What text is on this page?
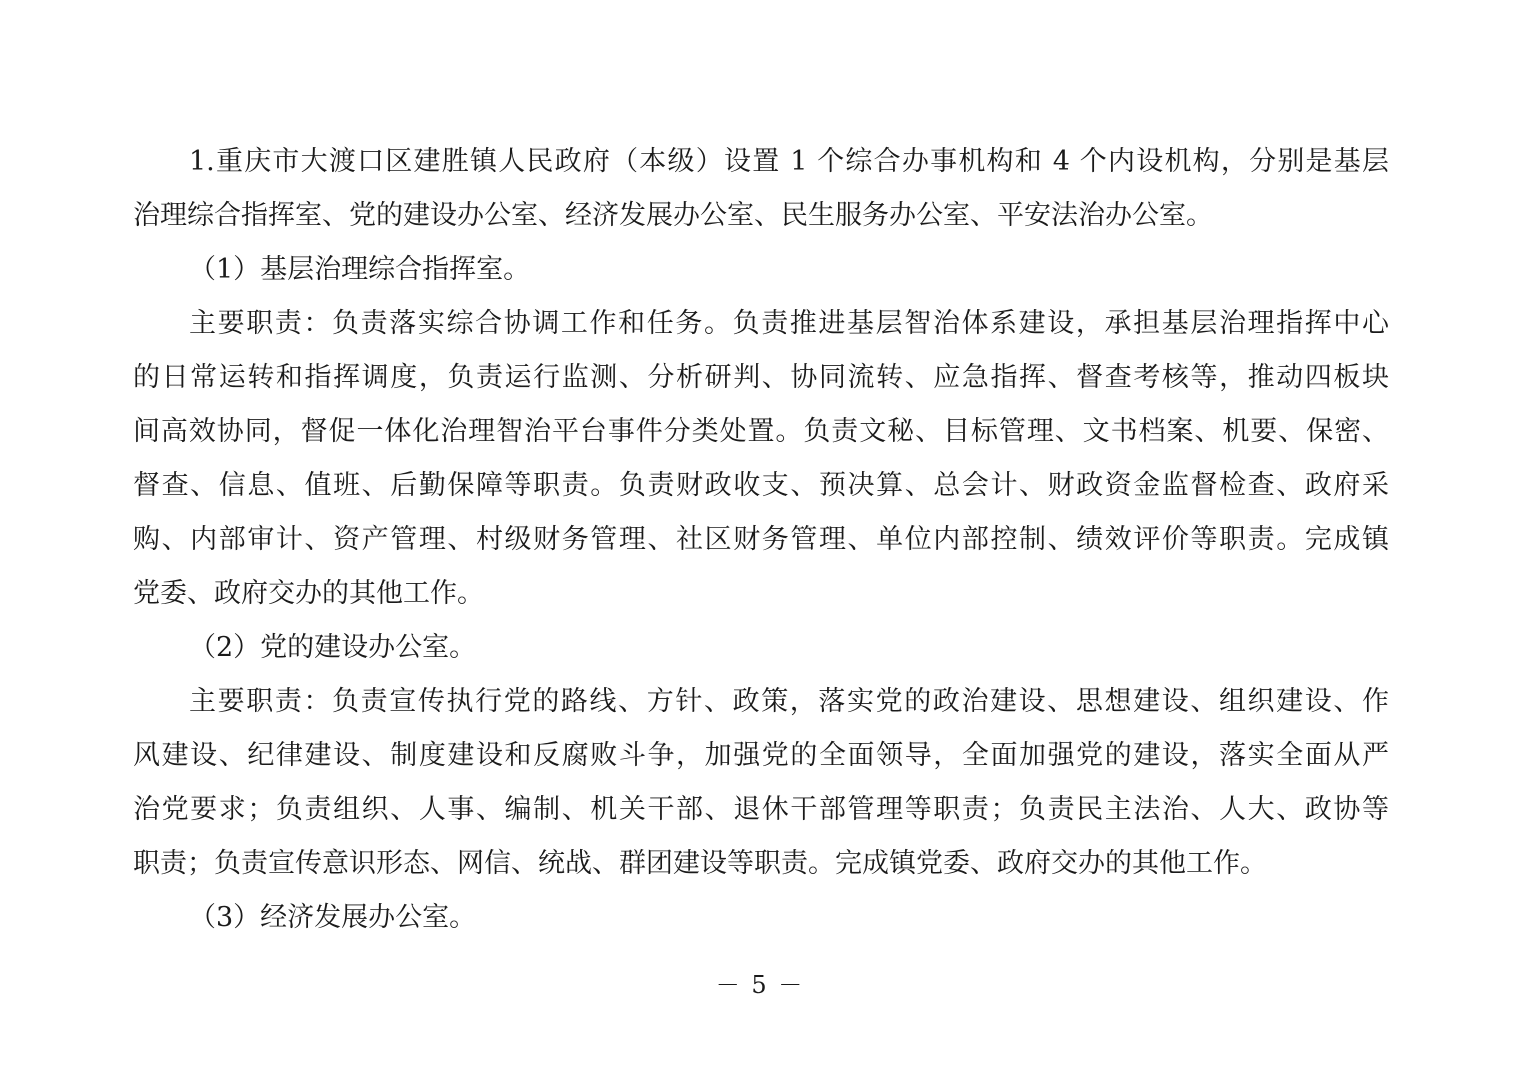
1.重庆市大渡口区建胜镇人民政府（本级）设置 1 个综合办事机构和 4 个内设机构，分别是基层
治理综合指挥室、党的建设办公室、经济发展办公室、民生服务办公室、平安法治办公室。
（1）基层治理综合指挥室。
主要职责：负责落实综合协调工作和任务。负责推进基层智治体系建设，承担基层治理指挥中心
的日常运转和指挥调度，负责运行监测、分析研判、协同流转、应急指挥、督查考核等，推动四板块
间高效协同，督促一体化治理智治平台事件分类处置。负责文秘、目标管理、文书档案、机要、保密、
督查、信息、值班、后勤保障等职责。负责财政收支、预决算、总会计、财政资金监督检查、政府采
购、内部审计、资产管理、村级财务管理、社区财务管理、单位内部控制、绩效评价等职责。完成镇
党委、政府交办的其他工作。
（2）党的建设办公室。
主要职责：负责宣传执行党的路线、方针、政策，落实党的政治建设、思想建设、组织建设、作
风建设、纪律建设、制度建设和反腐败斗争，加强党的全面领导，全面加强党的建设，落实全面从严
治党要求；负责组织、人事、编制、机关干部、退休干部管理等职责；负责民主法治、人大、政协等
职责；负责宣传意识形态、网信、统战、群团建设等职责。完成镇党委、政府交办的其他工作。
（3）经济发展办公室。
－ 5 －
